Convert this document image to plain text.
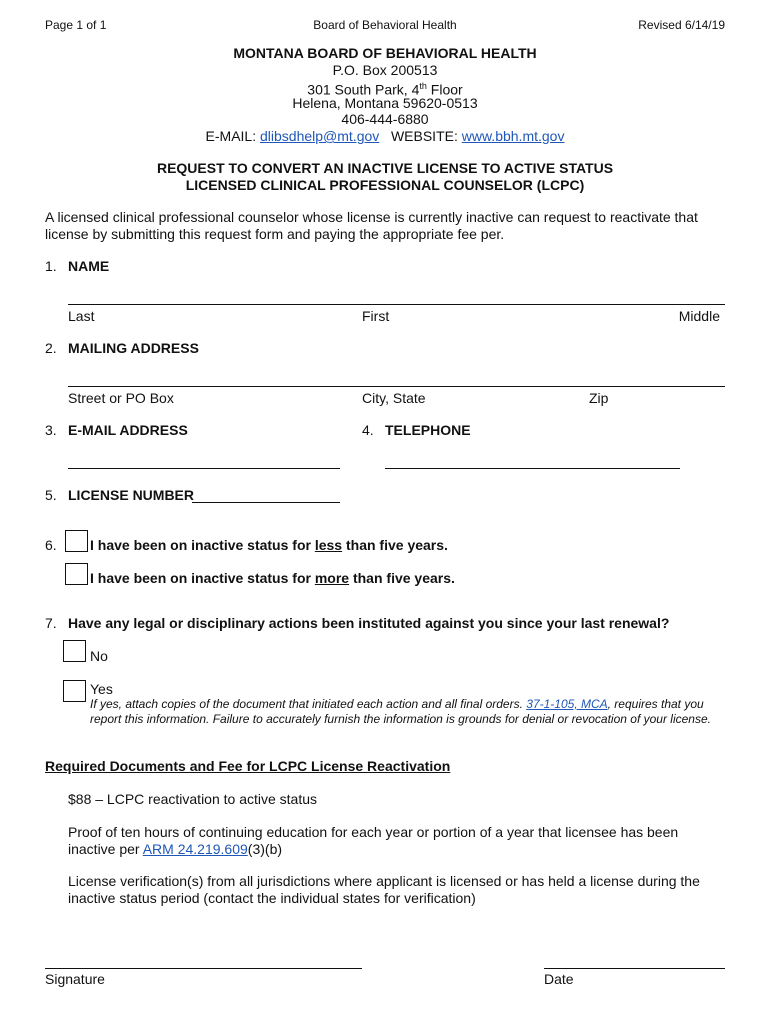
Page 1 of 1	Board of Behavioral Health	Revised 6/14/19
MONTANA BOARD OF BEHAVIORAL HEALTH
P.O. Box 200513
301 South Park, 4th Floor
Helena, Montana 59620-0513
406-444-6880
E-MAIL: dlibsdhelp@mt.gov WEBSITE: www.bbh.mt.gov
REQUEST TO CONVERT AN INACTIVE LICENSE TO ACTIVE STATUS
LICENSED CLINICAL PROFESSIONAL COUNSELOR (LCPC)
A licensed clinical professional counselor whose license is currently inactive can request to reactivate that license by submitting this request form and paying the appropriate fee per.
1. NAME
Last	First	Middle
2. MAILING ADDRESS
Street or PO Box	City, State	Zip
3. E-MAIL ADDRESS	4. TELEPHONE
5. LICENSE NUMBER
6. I have been on inactive status for less than five years.
I have been on inactive status for more than five years.
7. Have any legal or disciplinary actions been instituted against you since your last renewal?
No
Yes
If yes, attach copies of the document that initiated each action and all final orders. 37-1-105, MCA, requires that you report this information. Failure to accurately furnish the information is grounds for denial or revocation of your license.
Required Documents and Fee for LCPC License Reactivation
$88 – LCPC reactivation to active status
Proof of ten hours of continuing education for each year or portion of a year that licensee has been inactive per ARM 24.219.609(3)(b)
License verification(s) from all jurisdictions where applicant is licensed or has held a license during the inactive status period (contact the individual states for verification)
Signature	Date
